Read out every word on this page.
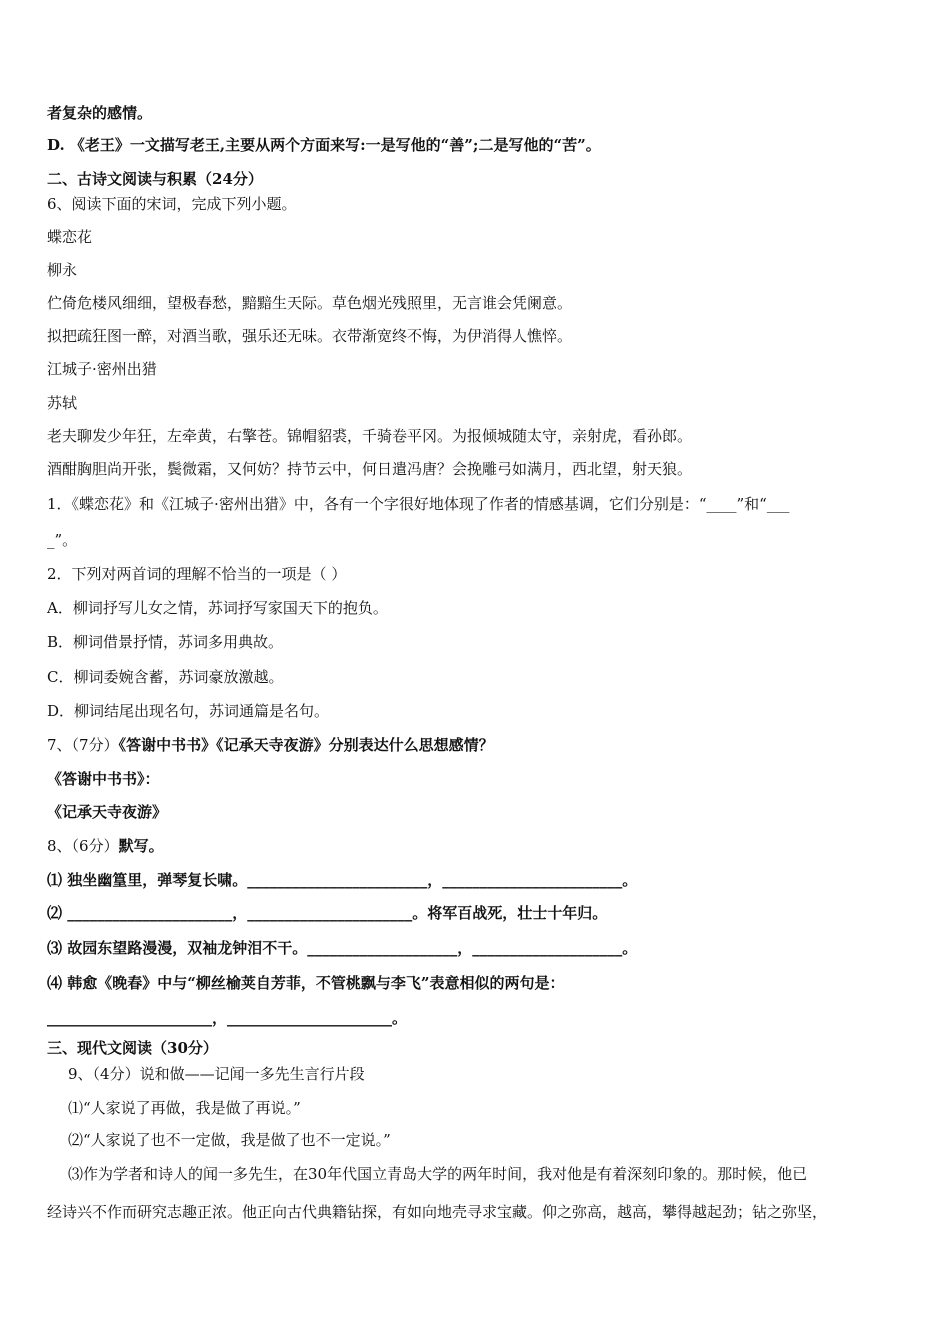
者复杂的感情。
D. 《老王》一文描写老王,主要从两个方面来写:一是写他的“善”;二是写他的“苦”。
二、古诗文阅读与积累（24分）
6、阅读下面的宋词，完成下列小题。
蝶恋花
柳永
伫倚危楼风细细，望极春愁，黯黯生天际。草色烟光残照里，无言谁会凭阑意。
拟把疏狂图一醉，对酒当歌，强乐还无味。衣带渐宽终不悔，为伊消得人憔悴。
江城子·密州出猎
苏轼
老夫聊发少年狂，左牵黄，右擎苍。锦帽貂裘，千骑卷平冈。为报倾城随太守，亲射虎，看孙郎。
酒酣胸胆尚开张，鬓微霜，又何妨？持节云中，何日遣冯唐？会挽雕弓如满月，西北望，射天狼。
1．《蝶恋花》和《江城子·密州出猎》中，各有一个字很好地体现了作者的情感基调，它们分别是：“____”和“___
_”。
2．下列对两首词的理解不恰当的一项是（ ）
A．柳词抒写儿女之情，苏词抒写家国天下的抱负。
B．柳词借景抒情，苏词多用典故。
C．柳词委婉含蓄，苏词豪放激越。
D．柳词结尾出现名句，苏词通篇是名句。
7、（7分）《答谢中书书》《记承天寺夜游》分别表达什么思想感情？
《答谢中书书》：
《记承天寺夜游》
8、（6分）默写。
⑴ 独坐幽篁里，弹琴复长啸。________________________，________________________。
⑵ ______________________，______________________。将军百战死，壮士十年归。
⑶ 故园东望路漫漫，双袖龙钟泪不干。____________________，____________________。
⑷ 韩愈《晚春》中与“柳丝榆荚自芳菲，不管桃飘与李飞”表意相似的两句是：
______________________，______________________。
三、现代文阅读（30分）
9、（4分）说和做——记闻一多先生言行片段
⑴“人家说了再做，我是做了再说。”
⑵“人家说了也不一定做，我是做了也不一定说。”
⑶作为学者和诗人的闻一多先生，在30年代国立青岛大学的两年时间，我对他是有着深刻印象的。那时候，他已
经诗兴不作而研究志趣正浓。他正向古代典籍钻探，有如向地壳寻求宝藏。仰之弥高，越高，攀得越起劲；钻之弥坚，
